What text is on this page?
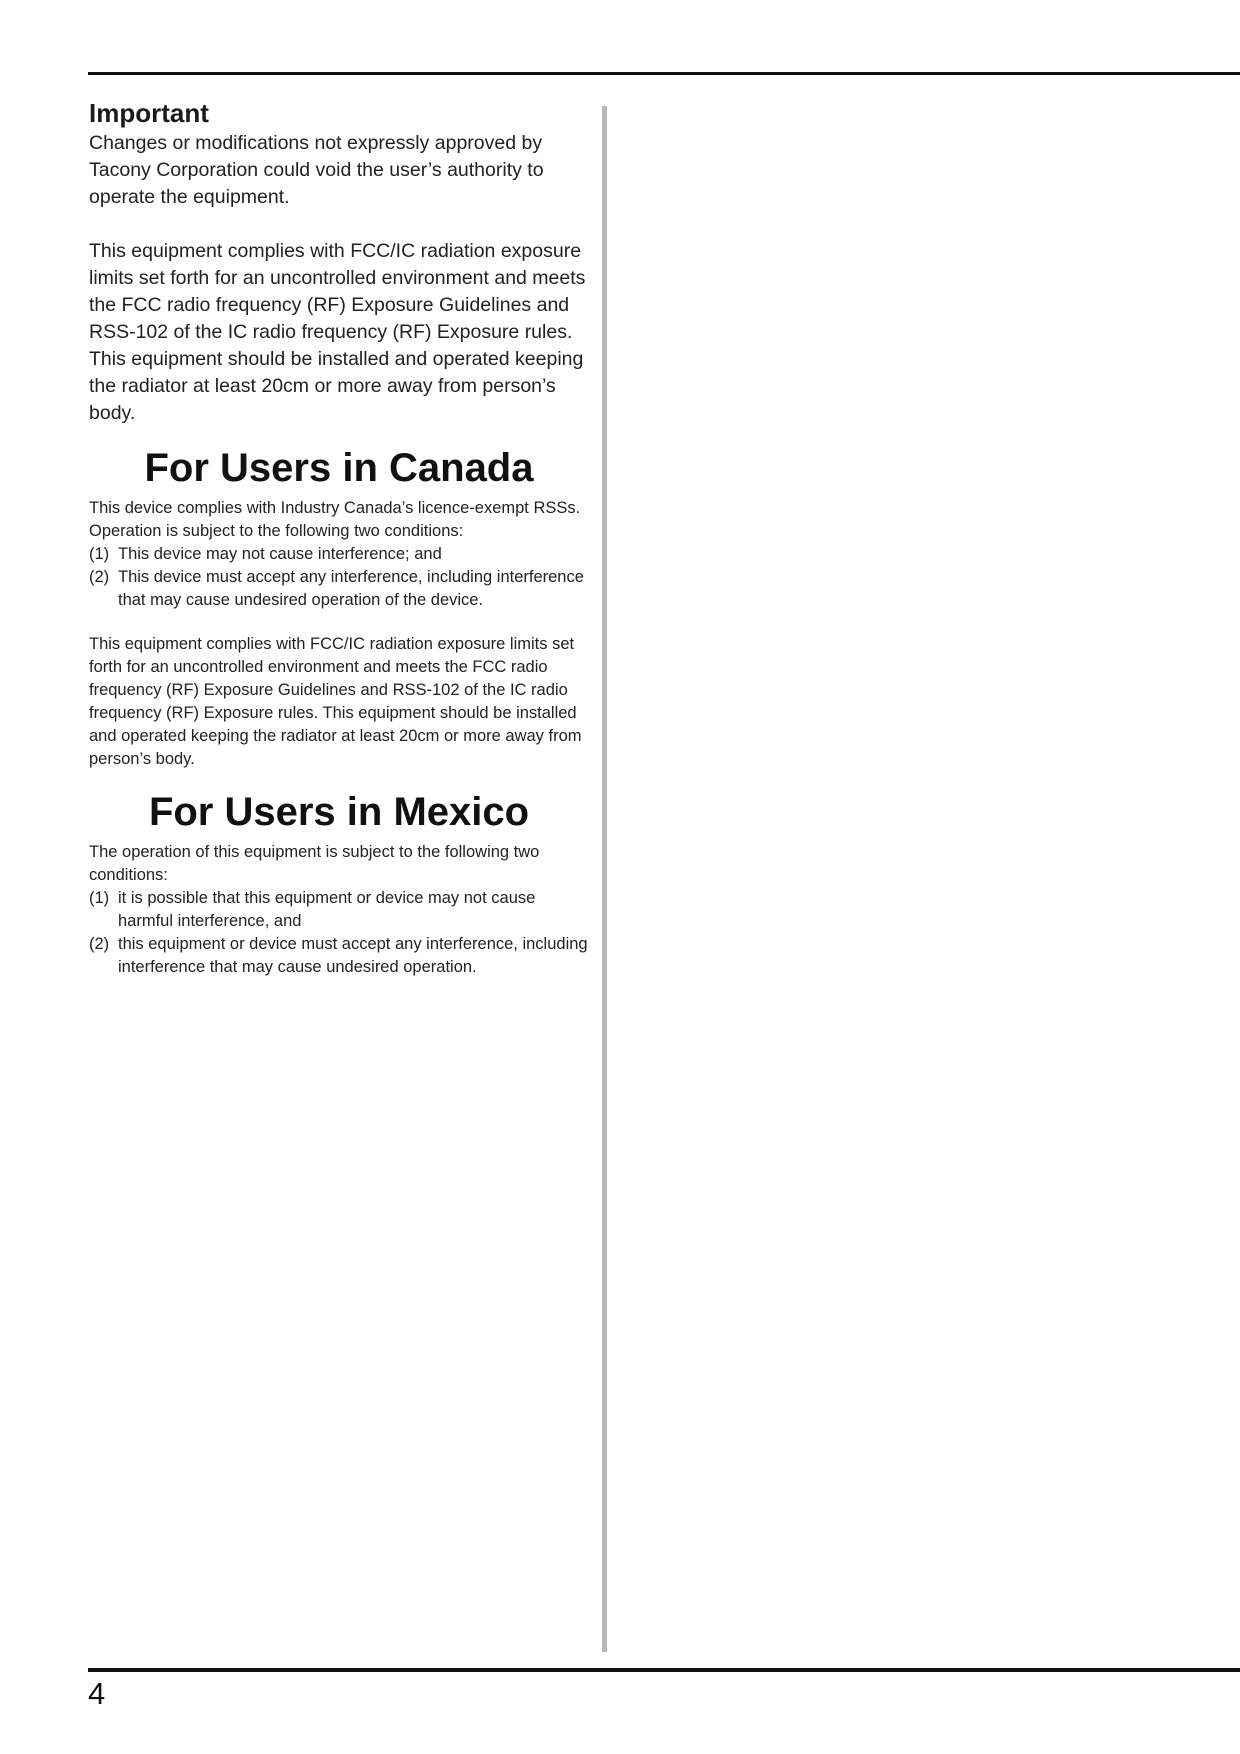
Important

Changes or modifications not expressly approved by Tacony Corporation could void the user’s authority to operate the equipment.

This equipment complies with FCC/IC radiation exposure limits set forth for an uncontrolled environment and meets the FCC radio frequency (RF) Exposure Guidelines and RSS-102 of the IC radio frequency (RF) Exposure rules. This equipment should be installed and operated keeping the radiator at least 20cm or more away from person’s body.

For Users in Canada

This device complies with Industry Canada’s licence-exempt RSSs. Operation is subject to the following two conditions:

(1) This device may not cause interference; and
(2) This device must accept any interference, including interference that may cause undesired operation of the device.

This equipment complies with FCC/IC radiation exposure limits set forth for an uncontrolled environment and meets the FCC radio frequency (RF) Exposure Guidelines and RSS-102 of the IC radio frequency (RF) Exposure rules. This equipment should be installed and operated keeping the radiator at least 20cm or more away from person’s body.

For Users in Mexico

The operation of this equipment is subject to the following two conditions:

(1) it is possible that this equipment or device may not cause harmful interference, and
(2) this equipment or device must accept any interference, including interference that may cause undesired operation.
4
